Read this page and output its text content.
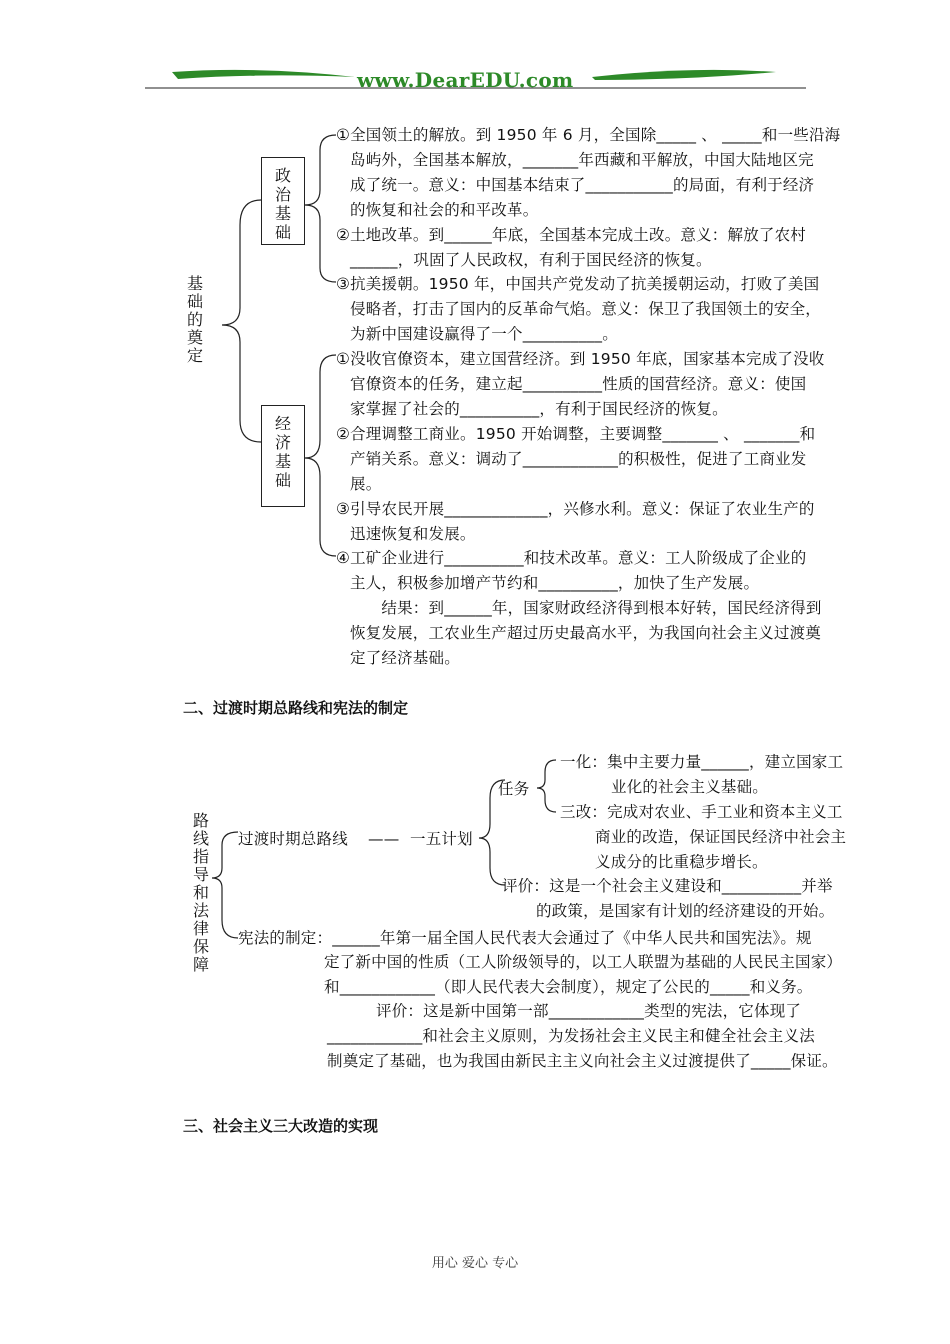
www.DearEDU.com
基础的奠定
政治基础
经济基础
①全国领土的解放。到 1950 年 6 月，全国除_____ 、 _____和一些沿海
岛屿外，全国基本解放，_______年西藏和平解放，中国大陆地区完
成了统一。意义：中国基本结束了___________的局面，有利于经济
的恢复和社会的和平改革。
②土地改革。到______年底，全国基本完成土改。意义：解放了农村
______，巩固了人民政权，有利于国民经济的恢复。
③抗美援朝。1950 年，中国共产党发动了抗美援朝运动，打败了美国
侵略者，打击了国内的反革命气焰。意义：保卫了我国领土的安全，
为新中国建设赢得了一个__________。
①没收官僚资本，建立国营经济。到 1950 年底，国家基本完成了没收
官僚资本的任务，建立起__________性质的国营经济。意义：使国
家掌握了社会的__________，有利于国民经济的恢复。
②合理调整工商业。1950 开始调整，主要调整_______ 、 _______和
产销关系。意义：调动了____________的积极性，促进了工商业发
展。
③引导农民开展_____________，兴修水利。意义：保证了农业生产的
迅速恢复和发展。
④工矿企业进行__________和技术改革。意义：工人阶级成了企业的
主人，积极参加增产节约和__________，加快了生产发展。
　　结果：到______年，国家财政经济得到根本好转，国民经济得到
恢复发展，工农业生产超过历史最高水平，为我国向社会主义过渡奠
定了经济基础。
二、过渡时期总路线和宪法的制定
路线指导和法律保障
过渡时期总路线 —— 一五计划
任务
一化：集中主要力量______，建立国家工
业化的社会主义基础。
三改：完成对农业、手工业和资本主义工
商业的改造，保证国民经济中社会主
义成分的比重稳步增长。
评价：这是一个社会主义建设和__________并举
的政策，是国家有计划的经济建设的开始。
宪法的制定：______年第一届全国人民代表大会通过了《中华人民共和国宪法》。规
定了新中国的性质（工人阶级领导的，以工人联盟为基础的人民民主国家）
和____________（即人民代表大会制度），规定了公民的_____和义务。
评价：这是新中国第一部____________类型的宪法，它体现了
____________和社会主义原则，为发扬社会主义民主和健全社会主义法
制奠定了基础，也为我国由新民主主义向社会主义过渡提供了_____保证。
三、社会主义三大改造的实现
用心 爱心 专心
